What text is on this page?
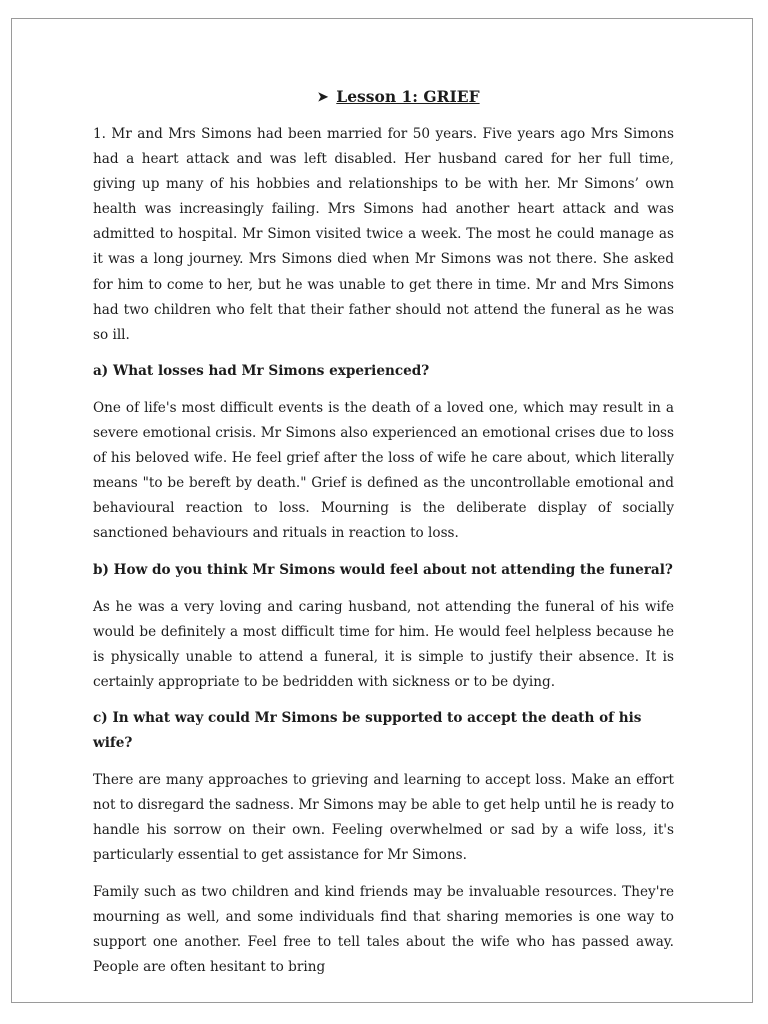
➤ Lesson 1: GRIEF

1. Mr and Mrs Simons had been married for 50 years. Five years ago Mrs Simons had a heart attack and was left disabled. Her husband cared for her full time, giving up many of his hobbies and relationships to be with her. Mr Simons’ own health was increasingly failing. Mrs Simons had another heart attack and was admitted to hospital. Mr Simon visited twice a week. The most he could manage as it was a long journey. Mrs Simons died when Mr Simons was not there. She asked for him to come to her, but he was unable to get there in time. Mr and Mrs Simons had two children who felt that their father should not attend the funeral as he was so ill.

a) What losses had Mr Simons experienced?

One of life's most difficult events is the death of a loved one, which may result in a severe emotional crisis. Mr Simons also experienced an emotional crises due to loss of his beloved wife. He feel grief after the loss of wife he care about, which literally means "to be bereft by death." Grief is defined as the uncontrollable emotional and behavioural reaction to loss. Mourning is the deliberate display of socially sanctioned behaviours and rituals in reaction to loss.

b) How do you think Mr Simons would feel about not attending the funeral?

As he was a very loving and caring husband, not attending the funeral of his wife would be definitely a most difficult time for him. He would feel helpless because he is physically unable to attend a funeral, it is simple to justify their absence. It is certainly appropriate to be bedridden with sickness or to be dying.

c) In what way could Mr Simons be supported to accept the death of his wife?

There are many approaches to grieving and learning to accept loss. Make an effort not to disregard the sadness. Mr Simons may be able to get help until he is ready to handle his sorrow on their own. Feeling overwhelmed or sad by a wife loss, it's particularly essential to get assistance for Mr Simons.

Family such as two children and kind friends may be invaluable resources. They're mourning as well, and some individuals find that sharing memories is one way to support one another. Feel free to tell tales about the wife who has passed away. People are often hesitant to bring
